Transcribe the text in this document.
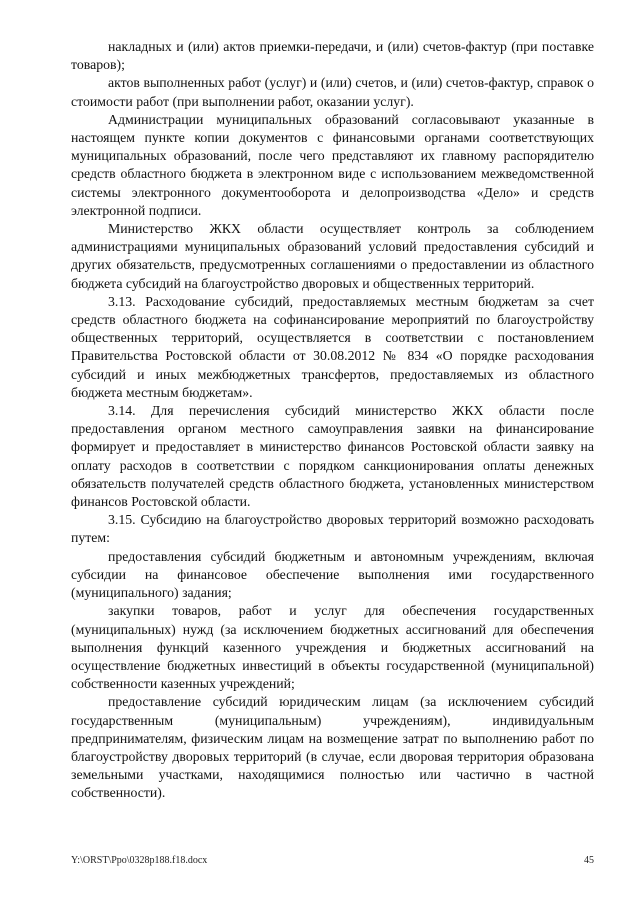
накладных и (или) актов приемки-передачи, и (или) счетов-фактур (при поставке товаров);

актов выполненных работ (услуг) и (или) счетов, и (или) счетов-фактур, справок о стоимости работ (при выполнении работ, оказании услуг).

Администрации муниципальных образований согласовывают указанные в настоящем пункте копии документов с финансовыми органами соответствующих муниципальных образований, после чего представляют их главному распорядителю средств областного бюджета в электронном виде с использованием межведомственной системы электронного документооборота и делопроизводства «Дело» и средств электронной подписи.

Министерство ЖКХ области осуществляет контроль за соблюдением администрациями муниципальных образований условий предоставления субсидий и других обязательств, предусмотренных соглашениями о предоставлении из областного бюджета субсидий на благоустройство дворовых и общественных территорий.

3.13. Расходование субсидий, предоставляемых местным бюджетам за счет средств областного бюджета на софинансирование мероприятий по благоустройству общественных территорий, осуществляется в соответствии с постановлением Правительства Ростовской области от 30.08.2012 № 834 «О порядке расходования субсидий и иных межбюджетных трансфертов, предоставляемых из областного бюджета местным бюджетам».

3.14. Для перечисления субсидий министерство ЖКХ области после предоставления органом местного самоуправления заявки на финансирование формирует и предоставляет в министерство финансов Ростовской области заявку на оплату расходов в соответствии с порядком санкционирования оплаты денежных обязательств получателей средств областного бюджета, установленных министерством финансов Ростовской области.

3.15. Субсидию на благоустройство дворовых территорий возможно расходовать путем:

предоставления субсидий бюджетным и автономным учреждениям, включая субсидии на финансовое обеспечение выполнения ими государственного (муниципального) задания;

закупки товаров, работ и услуг для обеспечения государственных (муниципальных) нужд (за исключением бюджетных ассигнований для обеспечения выполнения функций казенного учреждения и бюджетных ассигнований на осуществление бюджетных инвестиций в объекты государственной (муниципальной) собственности казенных учреждений;

предоставление субсидий юридическим лицам (за исключением субсидий государственным (муниципальным) учреждениям), индивидуальным предпринимателям, физическим лицам на возмещение затрат по выполнению работ по благоустройству дворовых территорий (в случае, если дворовая территория образована земельными участками, находящимися полностью или частично в частной собственности).

Y:\ORST\Ppo\0328p188.f18.docx	45
